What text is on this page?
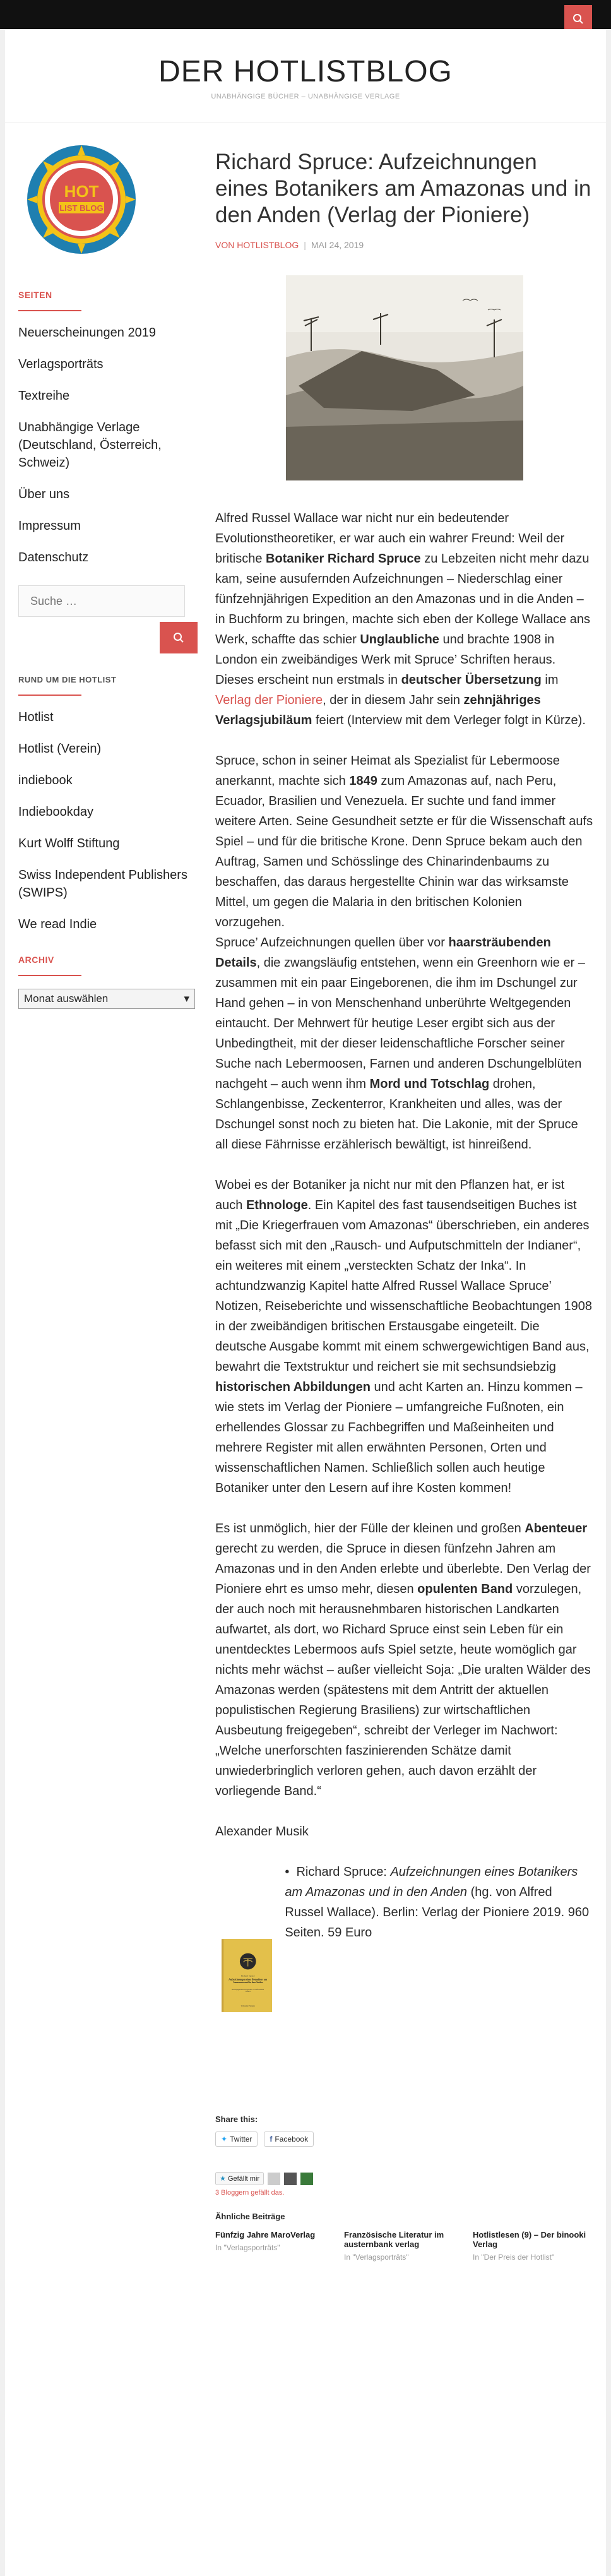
DER HOTLISTBLOG
UNABHÄNGIGE BÜCHER – UNABHÄNGIGE VERLAGE
HOT
LIST BLOG
SEITEN
Neuerscheinungen 2019
Verlagsporträts
Textreihe
Unabhängige Verlage (Deutschland, Österreich, Schweiz)
Über uns
Impressum
Datenschutz
Suche …
RUND UM DIE HOTLIST
Hotlist
Hotlist (Verein)
indiebook
Indiebookday
Kurt Wolff Stiftung
Swiss Independent Publishers (SWIPS)
We read Indie
ARCHIV
Monat auswählen	▾
Richard Spruce: Aufzeichnungen eines Botanikers am Amazonas und in den Anden (Verlag der Pioniere)
VON HOTLISTBLOG | MAI 24, 2019

Alfred Russel Wallace war nicht nur ein bedeutender Evolutionstheoretiker, er war auch ein wahrer Freund: Weil der britische Botaniker Richard Spruce zu Lebzeiten nicht mehr dazu kam, seine ausufernden Aufzeichnungen – Niederschlag einer fünfzehnjährigen Expedition an den Amazonas und in die Anden – in Buchform zu bringen, machte sich eben der Kollege Wallace ans Werk, schaffte das schier Unglaubliche und brachte 1908 in London ein zweibändiges Werk mit Spruce’ Schriften heraus. Dieses erscheint nun erstmals in deutscher Übersetzung im Verlag der Pioniere, der in diesem Jahr sein zehnjähriges Verlagsjubiläum feiert (Interview mit dem Verleger folgt in Kürze).

Spruce, schon in seiner Heimat als Spezialist für Lebermoose anerkannt, machte sich 1849 zum Amazonas auf, nach Peru, Ecuador, Brasilien und Venezuela. Er suchte und fand immer weitere Arten. Seine Gesundheit setzte er für die Wissenschaft aufs Spiel – und für die britische Krone. Denn Spruce bekam auch den Auftrag, Samen und Schösslinge des Chinarindenbaums zu beschaffen, das daraus hergestellte Chinin war das wirksamste Mittel, um gegen die Malaria in den britischen Kolonien vorzugehen.
Spruce’ Aufzeichnungen quellen über vor haarsträubenden Details, die zwangsläufig entstehen, wenn ein Greenhorn wie er – zusammen mit ein paar Eingeborenen, die ihm im Dschungel zur Hand gehen – in von Menschenhand unberührte Weltgegenden eintaucht. Der Mehrwert für heutige Leser ergibt sich aus der Unbedingtheit, mit der dieser leidenschaftliche Forscher seiner Suche nach Lebermoosen, Farnen und anderen Dschungelblüten nachgeht – auch wenn ihm Mord und Totschlag drohen, Schlangenbisse, Zeckenterror, Krankheiten und alles, was der Dschungel sonst noch zu bieten hat. Die Lakonie, mit der Spruce all diese Fährnisse erzählerisch bewältigt, ist hinreißend.

Wobei es der Botaniker ja nicht nur mit den Pflanzen hat, er ist auch Ethnologe. Ein Kapitel des fast tausendseitigen Buches ist mit „Die Kriegerfrauen vom Amazonas“ überschrieben, ein anderes befasst sich mit den „Rausch- und Aufputschmitteln der Indianer“, ein weiteres mit einem „versteckten Schatz der Inka“. In achtundzwanzig Kapitel hatte Alfred Russel Wallace Spruce’ Notizen, Reiseberichte und wissenschaftliche Beobachtungen 1908 in der zweibändigen britischen Erstausgabe eingeteilt. Die deutsche Ausgabe kommt mit einem schwergewichtigen Band aus, bewahrt die Textstruktur und reichert sie mit sechsundsiebzig historischen Abbildungen und acht Karten an. Hinzu kommen – wie stets im Verlag der Pioniere – umfangreiche Fußnoten, ein erhellendes Glossar zu Fachbegriffen und Maßeinheiten und mehrere Register mit allen erwähnten Personen, Orten und wissenschaftlichen Namen. Schließlich sollen auch heutige Botaniker unter den Lesern auf ihre Kosten kommen!

Es ist unmöglich, hier der Fülle der kleinen und großen Abenteuer gerecht zu werden, die Spruce in diesen fünfzehn Jahren am Amazonas und in den Anden erlebte und überlebte. Den Verlag der Pioniere ehrt es umso mehr, diesen opulenten Band vorzulegen, der auch noch mit herausnehmbaren historischen Landkarten aufwartet, als dort, wo Richard Spruce einst sein Leben für ein unentdecktes Lebermoos aufs Spiel setzte, heute womöglich gar nichts mehr wächst – außer vielleicht Soja: „Die uralten Wälder des Amazonas werden (spätestens mit dem Antritt der aktuellen populistischen Regierung Brasiliens) zur wirtschaftlichen Ausbeutung freigegeben“, schreibt der Verleger im Nachwort: „Welche unerforschten faszinierenden Schätze damit unwiederbringlich verloren gehen, auch davon erzählt der vorliegende Band.“

Alexander Musik

Richard Spruce
Aufzeichnungen eines Botanikers am Amazonas und in den Anden
Herausgegeben und eingeleitet von Alfred Russel Wallace
Verlag der Pioniere
•  Richard Spruce: Aufzeichnungen eines Botanikers am Amazonas und in den Anden (hg. von Alfred Russel Wallace). Berlin: Verlag der Pioniere 2019. 960 Seiten. 59 Euro
Share this:
✦ Twitter f Facebook
★ Gefällt mir
3 Bloggern gefällt das.
Ähnliche Beiträge
Fünfzig Jahre MaroVerlag
In "Verlagsporträts"
Französische Literatur im austernbank verlag
In "Verlagsporträts"
Hotlistlesen (9) – Der binooki Verlag
In "Der Preis der Hotlist"
